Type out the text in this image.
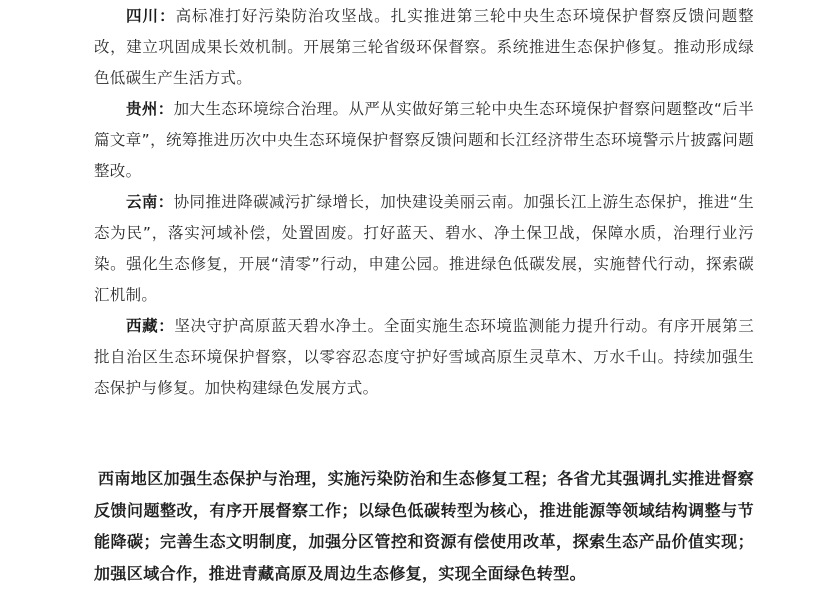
四川：高标准打好污染防治攻坚战。扎实推进第三轮中央生态环境保护督察反馈问题整改，建立巩固成果长效机制。开展第三轮省级环保督察。系统推进生态保护修复。推动形成绿色低碳生产生活方式。

贵州：加大生态环境综合治理。从严从实做好第三轮中央生态环境保护督察问题整改“后半篇文章”，统筹推进历次中央生态环境保护督察反馈问题和长江经济带生态环境警示片披露问题整改。

云南：协同推进降碳减污扩绿增长，加快建设美丽云南。加强长江上游生态保护，推进“生态为民”，落实河域补偿，处置固废。打好蓝天、碧水、净土保卫战，保障水质，治理行业污染。强化生态修复，开展“清零”行动，申建公园。推进绿色低碳发展，实施替代行动，探索碳汇机制。

西藏：坚决守护高原蓝天碧水净土。全面实施生态环境监测能力提升行动。有序开展第三批自治区生态环境保护督察，以零容忍态度守护好雪域高原生灵草木、万水千山。持续加强生态保护与修复。加快构建绿色发展方式。

西南地区加强生态保护与治理，实施污染防治和生态修复工程；各省尤其强调扎实推进督察反馈问题整改，有序开展督察工作；以绿色低碳转型为核心，推进能源等领域结构调整与节能降碳；完善生态文明制度，加强分区管控和资源有偿使用改革，探索生态产品价值实现；加强区域合作，推进青藏高原及周边生态修复，实现全面绿色转型。
